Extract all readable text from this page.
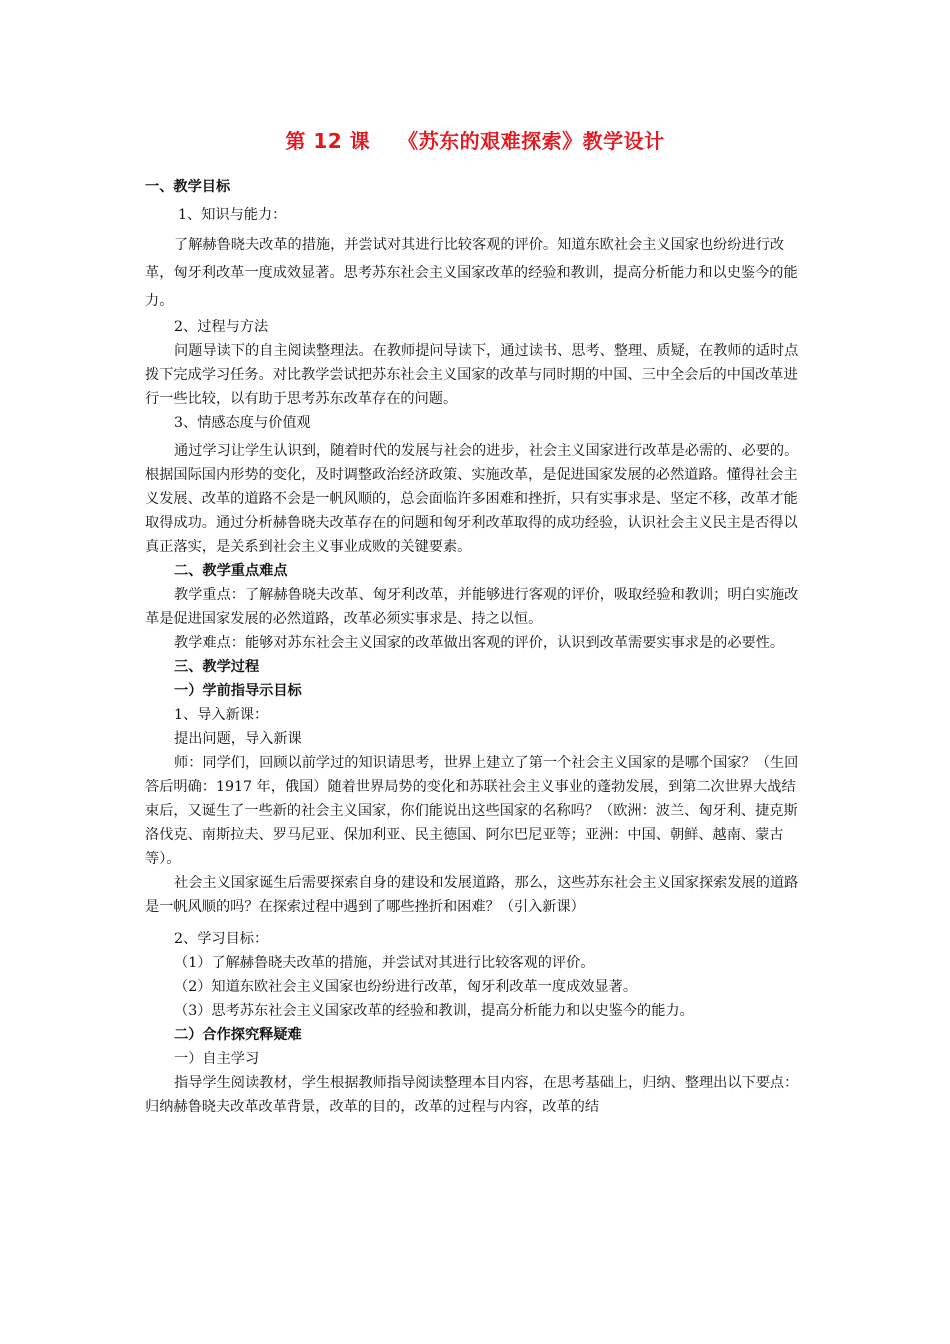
第 12 课 《苏东的艰难探索》教学设计

一、教学目标

1、知识与能力：

了解赫鲁晓夫改革的措施，并尝试对其进行比较客观的评价。知道东欧社会主义国家也纷纷进行改革，匈牙利改革一度成效显著。思考苏东社会主义国家改革的经验和教训，提高分析能力和以史鉴今的能力。

2、过程与方法

问题导读下的自主阅读整理法。在教师提问导读下，通过读书、思考、整理、质疑，在教师的适时点拨下完成学习任务。对比教学尝试把苏东社会主义国家的改革与同时期的中国、三中全会后的中国改革进行一些比较，以有助于思考苏东改革存在的问题。

3、情感态度与价值观

通过学习让学生认识到，随着时代的发展与社会的进步，社会主义国家进行改革是必需的、必要的。根据国际国内形势的变化，及时调整政治经济政策、实施改革，是促进国家发展的必然道路。懂得社会主义发展、改革的道路不会是一帆风顺的，总会面临许多困难和挫折，只有实事求是、坚定不移，改革才能取得成功。通过分析赫鲁晓夫改革存在的问题和匈牙利改革取得的成功经验，认识社会主义民主是否得以真正落实，是关系到社会主义事业成败的关键要素。

二、教学重点难点

教学重点：了解赫鲁晓夫改革、匈牙利改革，并能够进行客观的评价，吸取经验和教训；明白实施改革是促进国家发展的必然道路，改革必须实事求是、持之以恒。

教学难点：能够对苏东社会主义国家的改革做出客观的评价，认识到改革需要实事求是的必要性。

三、教学过程

一）学前指导示目标

1、导入新课：

提出问题，导入新课

师：同学们，回顾以前学过的知识请思考，世界上建立了第一个社会主义国家的是哪个国家？（生回答后明确：1917 年，俄国）随着世界局势的变化和苏联社会主义事业的蓬勃发展，到第二次世界大战结束后，又诞生了一些新的社会主义国家，你们能说出这些国家的名称吗？（欧洲：波兰、匈牙利、捷克斯洛伐克、南斯拉夫、罗马尼亚、保加利亚、民主德国、阿尔巴尼亚等；亚洲：中国、朝鲜、越南、蒙古等）。

社会主义国家诞生后需要探索自身的建设和发展道路，那么，这些苏东社会主义国家探索发展的道路是一帆风顺的吗？在探索过程中遇到了哪些挫折和困难？（引入新课）

2、学习目标：

（1）了解赫鲁晓夫改革的措施，并尝试对其进行比较客观的评价。

（2）知道东欧社会主义国家也纷纷进行改革，匈牙利改革一度成效显著。

（3）思考苏东社会主义国家改革的经验和教训，提高分析能力和以史鉴今的能力。

二）合作探究释疑难

一）自主学习

指导学生阅读教材，学生根据教师指导阅读整理本目内容，在思考基础上，归纳、整理出以下要点：归纳赫鲁晓夫改革改革背景，改革的目的，改革的过程与内容，改革的结
